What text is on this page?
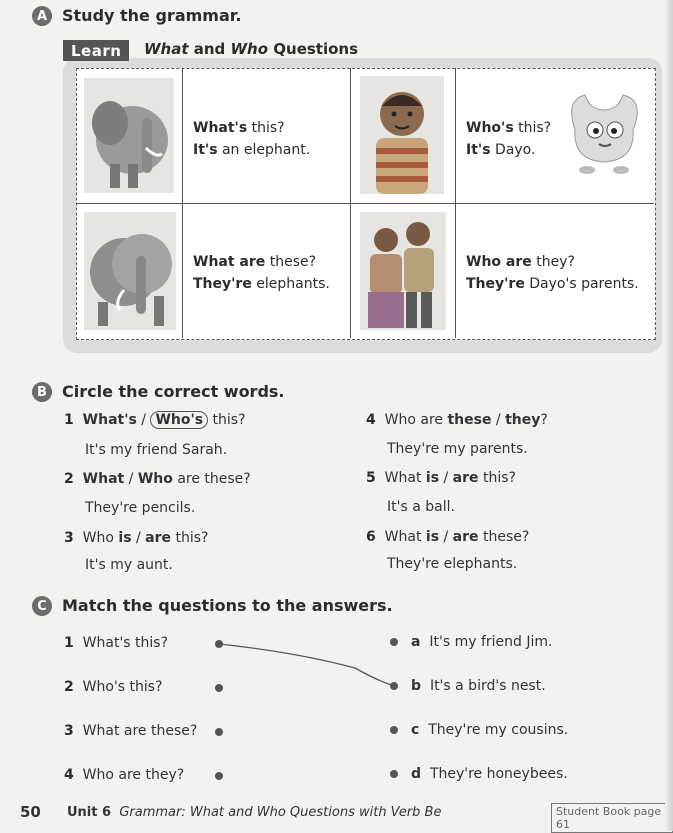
A Study the grammar.
Learn	What and Who Questions
What's this?
It's an elephant.
Who's this?
It's Dayo.
What are these?
They're elephants.
Who are they?
They're Dayo's parents.
B Circle the correct words.
1 What's / Who's this?
It's my friend Sarah.
2 What / Who are these?
They're pencils.
3 Who is / are this?
It's my aunt.
4 Who are these / they?
They're my parents.
5 What is / are this?
It's a ball.
6 What is / are these?
They're elephants.
C Match the questions to the answers.
1 What's this?
2 Who's this?
3 What are these?
4 Who are they?
a It's my friend Jim.
b It's a bird's nest.
c They're my cousins.
d They're honeybees.
50 Unit 6 Grammar: What and Who Questions with Verb Be	Student Book page 61
